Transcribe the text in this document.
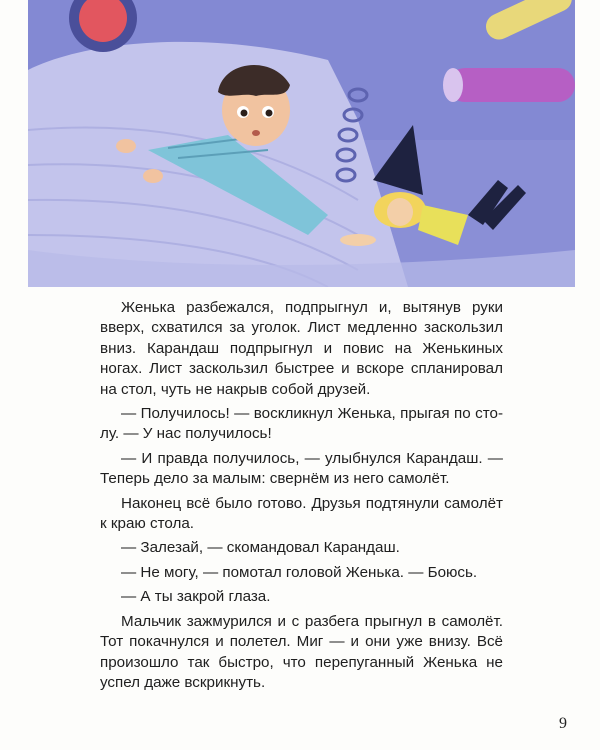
Женька разбежался, подпрыгнул и, вытянув руки вверх, схватился за уголок. Лист медленно заскользил вниз. Карандаш подпрыгнул и повис на Женькиных ногах. Лист заскользил быстрее и вскоре спланировал на стол, чуть не накрыв собой друзей.

— Получилось! — воскликнул Женька, прыгая по сто-лу. — У нас получилось!

— И правда получилось, — улыбнулся Карандаш. — Теперь дело за малым: свернём из него самолёт.

Наконец всё было готово. Друзья подтянули самолёт к краю стола.

— Залезай, — скомандовал Карандаш.

— Не могу, — помотал головой Женька. — Боюсь.

— А ты закрой глаза.

Мальчик зажмурился и с разбега прыгнул в самолёт. Тот покачнулся и полетел. Миг — и они уже внизу. Всё произошло так быстро, что перепуганный Женька не успел даже вскрикнуть.

9
